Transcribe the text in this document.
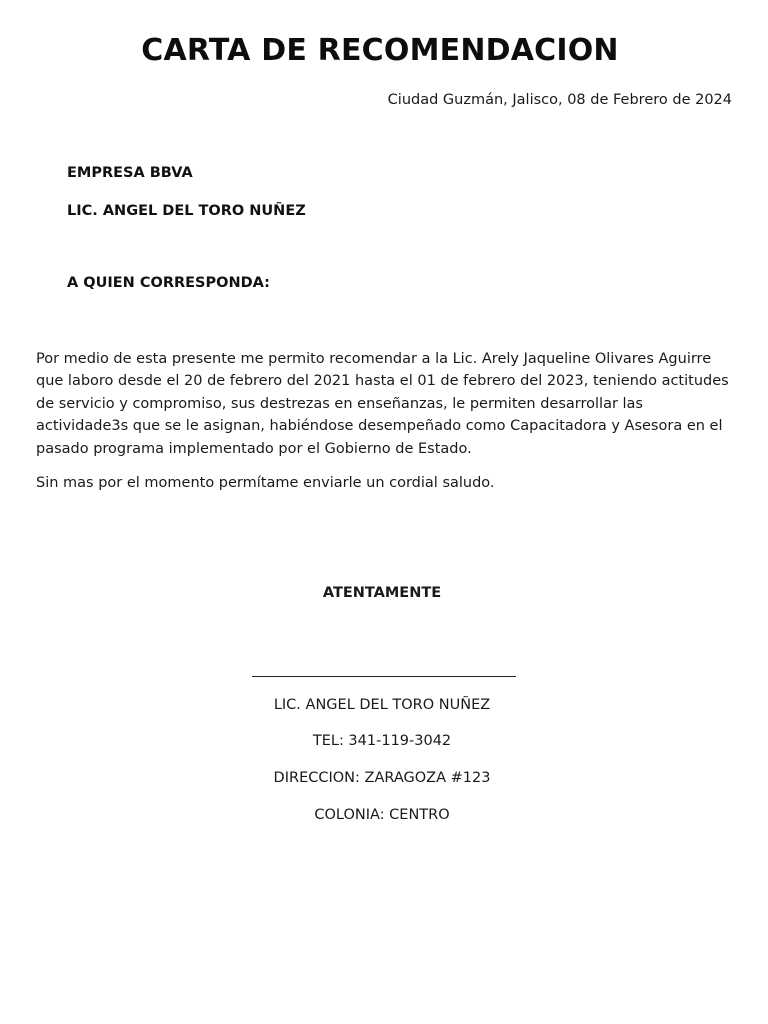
CARTA DE RECOMENDACION
Ciudad Guzmán, Jalisco, 08 de Febrero de 2024
EMPRESA BBVA
LIC. ANGEL DEL TORO NUÑEZ
A QUIEN CORRESPONDA:

Por medio de esta presente me permito recomendar a la Lic. Arely Jaqueline Olivares Aguirre que laboro desde el 20 de febrero del 2021 hasta el 01 de febrero del 2023, teniendo actitudes de servicio y compromiso, sus destrezas en enseñanzas, le permiten desarrollar las actividade3s que se le asignan, habiéndose desempeñado como Capacitadora y Asesora en el pasado programa implementado por el Gobierno de Estado.

Sin mas por el momento permítame enviarle un cordial saludo.

ATENTAMENTE
LIC. ANGEL DEL TORO NUÑEZ
TEL: 341-119-3042
DIRECCION: ZARAGOZA #123
COLONIA: CENTRO
